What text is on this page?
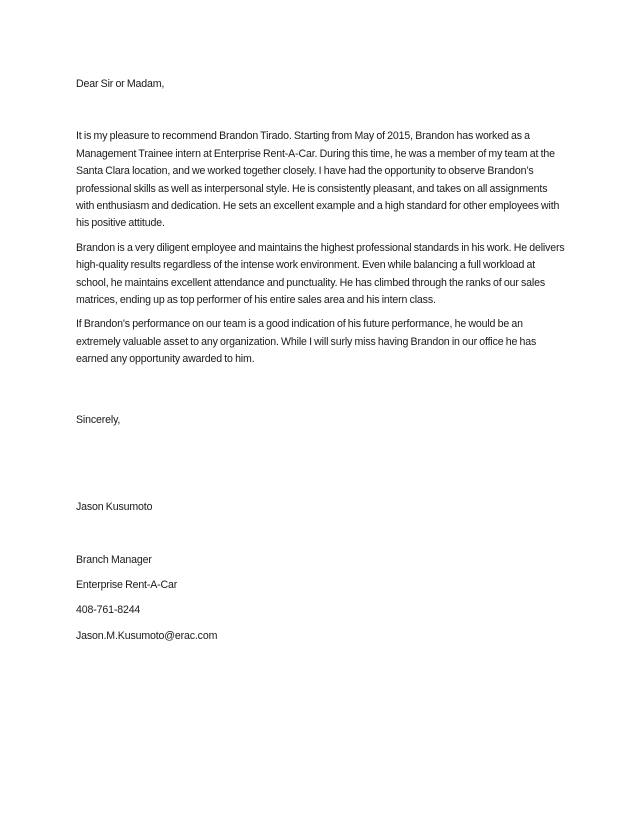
Dear Sir or Madam,

It is my pleasure to recommend Brandon Tirado. Starting from May of 2015, Brandon has worked as a Management Trainee intern at Enterprise Rent-A-Car. During this time, he was a member of my team at the Santa Clara location, and we worked together closely. I have had the opportunity to observe Brandon’s professional skills as well as interpersonal style. He is consistently pleasant, and takes on all assignments with enthusiasm and dedication. He sets an excellent example and a high standard for other employees with his positive attitude.

Brandon is a very diligent employee and maintains the highest professional standards in his work. He delivers high-quality results regardless of the intense work environment. Even while balancing a full workload at school, he maintains excellent attendance and punctuality. He has climbed through the ranks of our sales matrices, ending up as top performer of his entire sales area and his intern class.

If Brandon's performance on our team is a good indication of his future performance, he would be an extremely valuable asset to any organization. While I will surly miss having Brandon in our office he has earned any opportunity awarded to him.

Sincerely,

Jason Kusumoto

Branch Manager

Enterprise Rent-A-Car

408-761-8244

Jason.M.Kusumoto@erac.com
